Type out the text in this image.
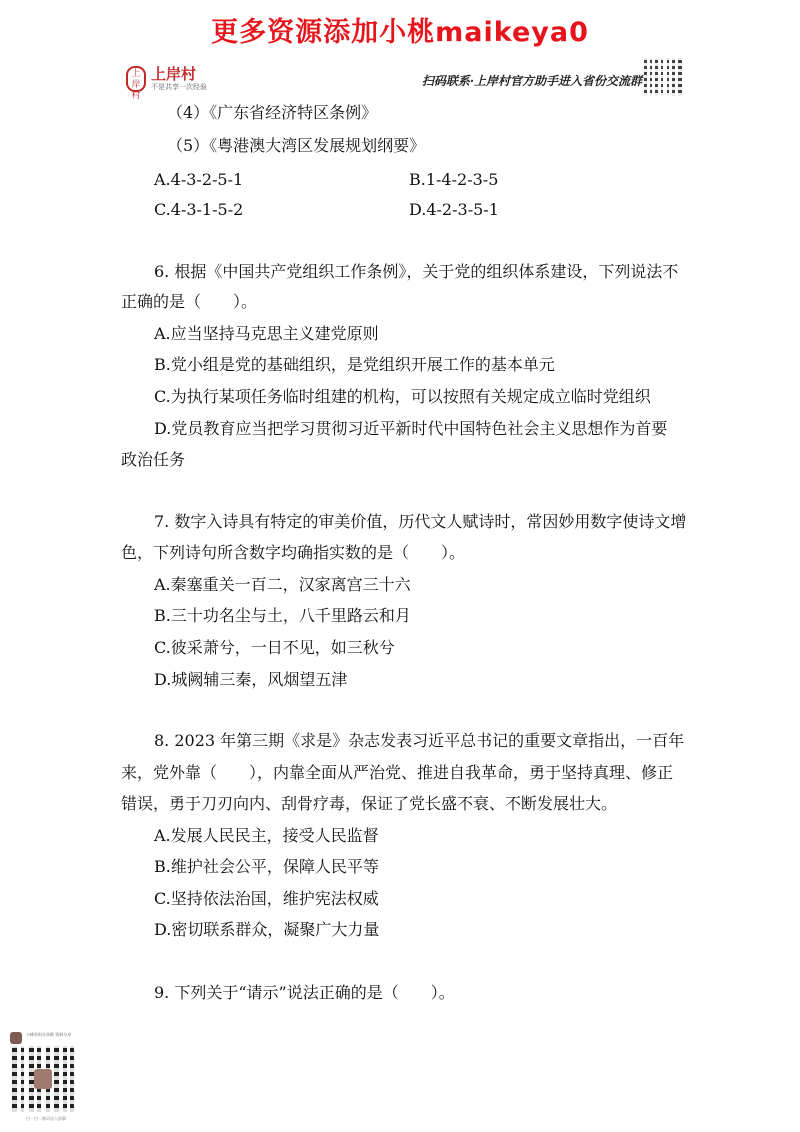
更多资源添加小桃maikeya0
上岸村
上岸村
不是共享一次经验	扫码联系·上岸村官方助手进入省份交流群
（4）《广东省经济特区条例》
（5）《粤港澳大湾区发展规划纲要》
A.4-3-2-5-1	B.1-4-2-3-5
C.4-3-1-5-2	D.4-2-3-5-1
6. 根据《中国共产党组织工作条例》，关于党的组织体系建设，下列说法不
正确的是（　　）。
A.应当坚持马克思主义建党原则
B.党小组是党的基础组织，是党组织开展工作的基本单元
C.为执行某项任务临时组建的机构，可以按照有关规定成立临时党组织
D.党员教育应当把学习贯彻习近平新时代中国特色社会主义思想作为首要
政治任务
7. 数字入诗具有特定的审美价值，历代文人赋诗时，常因妙用数字使诗文增
色，下列诗句所含数字均确指实数的是（　　）。
A.秦塞重关一百二，汉家离宫三十六
B.三十功名尘与土，八千里路云和月
C.彼采萧兮，一日不见，如三秋兮
D.城阙辅三秦，风烟望五津
8. 2023 年第三期《求是》杂志发表习近平总书记的重要文章指出，一百年
来，党外靠（　　），内靠全面从严治党、推进自我革命，勇于坚持真理、修正
错误，勇于刀刃向内、刮骨疗毒，保证了党长盛不衰、不断发展壮大。
A.发展人民民主，接受人民监督
B.维护社会公平，保障人民平等
C.坚持依法治国，维护宪法权威
D.密切联系群众，凝聚广大力量
9. 下列关于“请示”说法正确的是（　　）。
小桃资料分享群 资料分享
扫一扫二维码加入群聊
